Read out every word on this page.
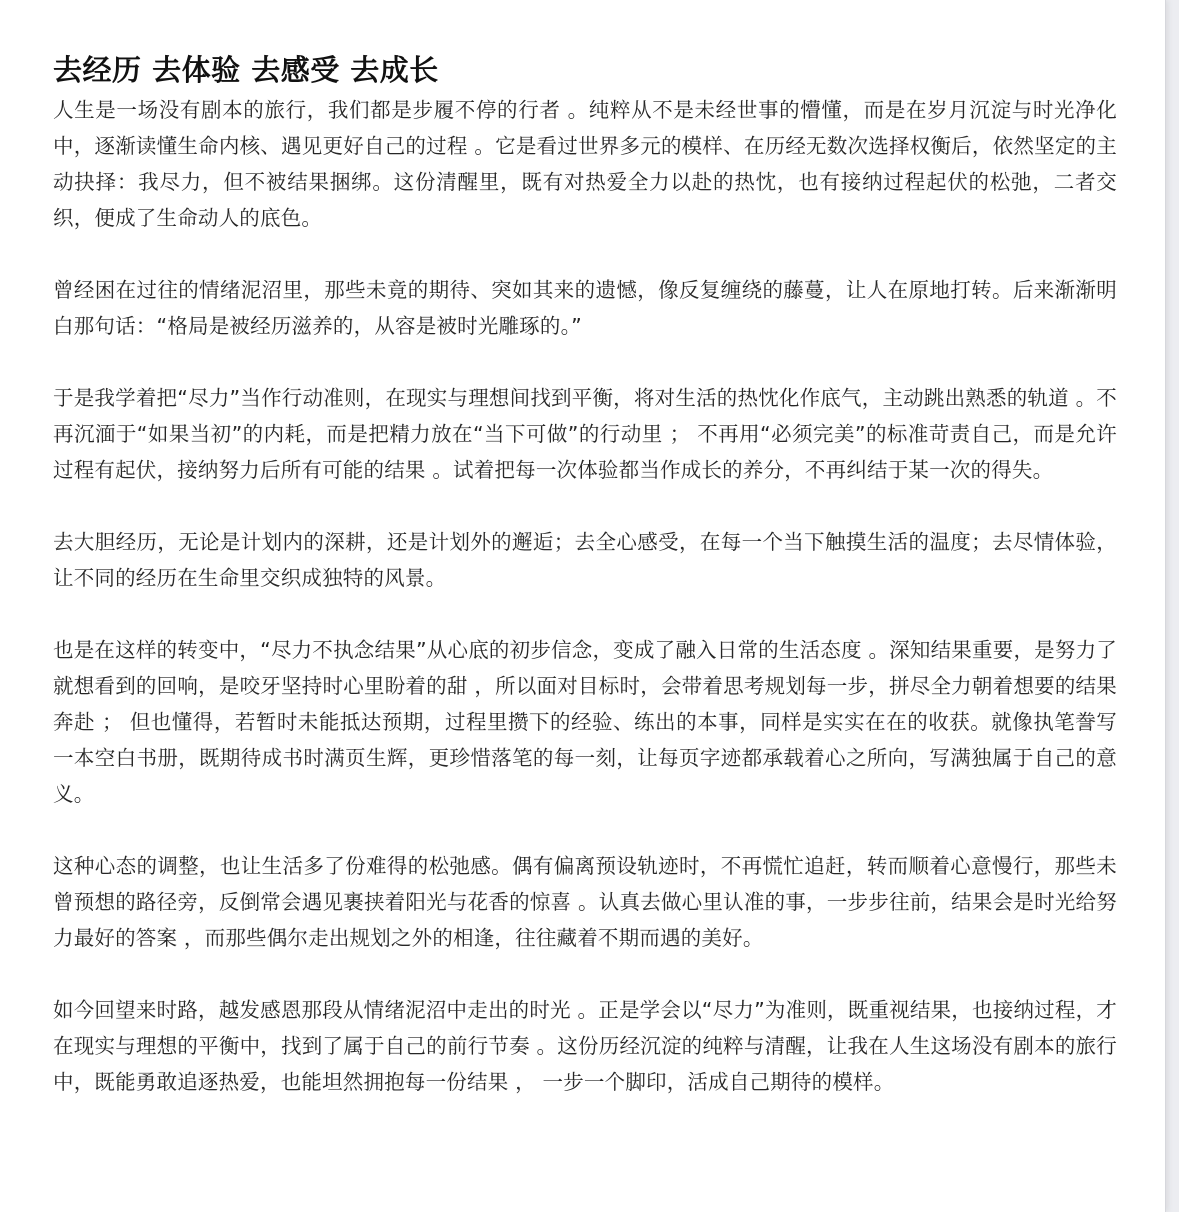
去经历 去体验 去感受 去成长

人生是一场没有剧本的旅行，我们都是步履不停的行者 。纯粹从不是未经世事的懵懂，而是在岁月沉淀与时光净化中，逐渐读懂生命内核、遇见更好自己的过程 。它是看过世界多元的模样、在历经无数次选择权衡后，依然坚定的主动抉择：我尽力，但不被结果捆绑。这份清醒里，既有对热爱全力以赴的热忱，也有接纳过程起伏的松弛，二者交织，便成了生命动人的底色。

曾经困在过往的情绪泥沼里，那些未竟的期待、突如其来的遗憾，像反复缠绕的藤蔓，让人在原地打转。后来渐渐明白那句话：“格局是被经历滋养的，从容是被时光雕琢的。”

于是我学着把“尽力”当作行动准则，在现实与理想间找到平衡，将对生活的热忱化作底气，主动跳出熟悉的轨道 。不再沉湎于“如果当初”的内耗，而是把精力放在“当下可做”的行动里 ； 不再用“必须完美”的标准苛责自己，而是允许过程有起伏，接纳努力后所有可能的结果 。试着把每一次体验都当作成长的养分，不再纠结于某一次的得失。

去大胆经历，无论是计划内的深耕，还是计划外的邂逅；去全心感受，在每一个当下触摸生活的温度；去尽情体验，让不同的经历在生命里交织成独特的风景。

也是在这样的转变中，“尽力不执念结果”从心底的初步信念，变成了融入日常的生活态度 。深知结果重要，是努力了就想看到的回响，是咬牙坚持时心里盼着的甜 ，所以面对目标时，会带着思考规划每一步，拼尽全力朝着想要的结果奔赴 ； 但也懂得，若暂时未能抵达预期，过程里攒下的经验、练出的本事，同样是实实在在的收获。就像执笔誊写一本空白书册，既期待成书时满页生辉，更珍惜落笔的每一刻，让每页字迹都承载着心之所向，写满独属于自己的意义。

这种心态的调整，也让生活多了份难得的松弛感。偶有偏离预设轨迹时，不再慌忙追赶，转而顺着心意慢行，那些未曾预想的路径旁，反倒常会遇见裹挟着阳光与花香的惊喜 。认真去做心里认准的事，一步步往前，结果会是时光给努力最好的答案 ，而那些偶尔走出规划之外的相逢，往往藏着不期而遇的美好。

如今回望来时路，越发感恩那段从情绪泥沼中走出的时光 。正是学会以“尽力”为准则，既重视结果，也接纳过程，才在现实与理想的平衡中，找到了属于自己的前行节奏 。这份历经沉淀的纯粹与清醒，让我在人生这场没有剧本的旅行中，既能勇敢追逐热爱，也能坦然拥抱每一份结果 ， 一步一个脚印，活成自己期待的模样。
